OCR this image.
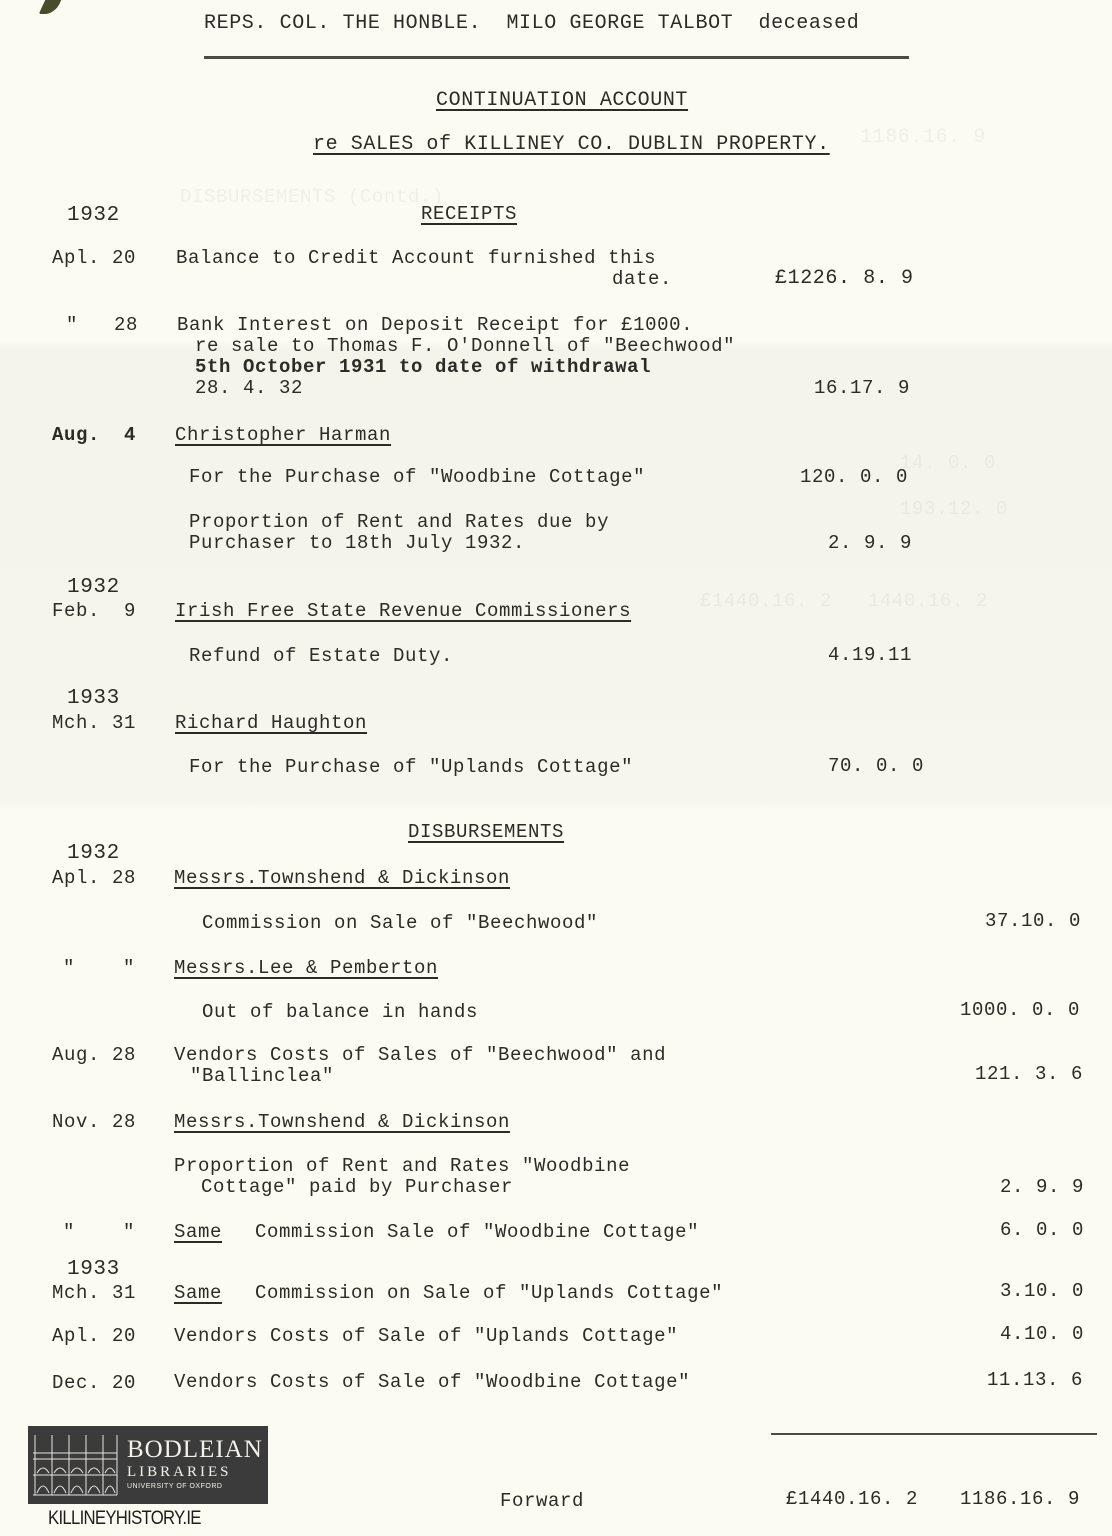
DISBURSEMENTS (Contd.)
1186.16. 9
14. 0. 0
193.12. 0
£1440.16. 2   1440.16. 2
REPS. COL. THE HONBLE.  MILO GEORGE TALBOT  deceased
CONTINUATION ACCOUNT
re SALES of KILLINEY CO. DUBLIN PROPERTY.
1932	RECEIPTS
Apl. 20 Balance to Credit Account furnished this
date.	£1226. 8. 9
"   28 Bank Interest on Deposit Receipt for £1000.
re sale to Thomas F. O'Donnell of "Beechwood"
5th October 1931 to date of withdrawal
28. 4. 32	16.17. 9
Aug.  4 Christopher Harman
For the Purchase of "Woodbine Cottage"	120. 0. 0
Proportion of Rent and Rates due by
Purchaser to 18th July 1932.	2. 9. 9
1932
Feb.  9 Irish Free State Revenue Commissioners
Refund of Estate Duty.	4.19.11
1933
Mch. 31 Richard Haughton
For the Purchase of "Uplands Cottage"	70. 0. 0
DISBURSEMENTS
1932
Apl. 28 Messrs.Townshend & Dickinson
Commission on Sale of "Beechwood"	37.10. 0
"    " Messrs.Lee & Pemberton
Out of balance in hands	1000. 0. 0
Aug. 28 Vendors Costs of Sales of "Beechwood" and
"Ballinclea"	121. 3. 6
Nov. 28 Messrs.Townshend & Dickinson
Proportion of Rent and Rates "Woodbine
Cottage" paid by Purchaser	2. 9. 9
"    " Same Commission Sale of "Woodbine Cottage"	6. 0. 0
1933
Mch. 31 Same Commission on Sale of "Uplands Cottage"	3.10. 0
Apl. 20 Vendors Costs of Sale of "Uplands Cottage"	4.10. 0
Dec. 20 Vendors Costs of Sale of "Woodbine Cottage"	11.13. 6
Forward	£1440.16. 2 1186.16. 9
BODLEIAN
LIBRARIES
UNIVERSITY OF OXFORD
KILLINEYHISTORY.IE
